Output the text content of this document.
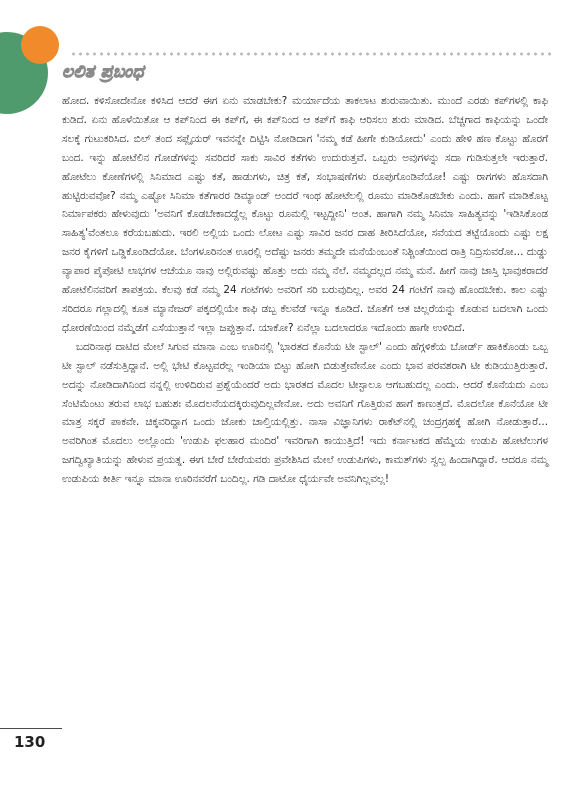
ಲಲಿತ ಪ್ರಬಂಧ

ಹೋದ. ಕಳಿಸೋದೇನೋ ಕಳಿಸಿದ ಆದರೆ ಈಗ ಏನು ಮಾಡಬೇಕು? ಮರ್ಯಾದೆಯ ತಾಕಲಾಟ ಶುರುವಾಯಿತು. ಮುಂದೆ ಎರಡು ಕಪ್‌ಗಳಲ್ಲಿ ಕಾಫಿ ಕುಡಿದೆ. ಏನು ಹೊಳೆಯಿತೋ ಆ ಕಪ್‌ನಿಂದ ಈ ಕಪ್‌ಗೆ, ಈ ಕಪ್‌ನಿಂದ ಆ ಕಪ್‌ಗೆ ಕಾಫಿ ಆರಿಸಲು ಶುರು ಮಾಡಿದ. ಬೆಚ್ಚಗಾದ ಕಾಫಿಯನ್ನು ಒಂದೇ ಸಲಕ್ಕೆ ಗುಟುಕರಿಸಿದ. ಬಿಲ್ ತಂದ ಸಪ್ಲೈಯರ್ ಇವನನ್ನೇ ದಿಟ್ಟಿಸಿ ನೋಡಿದಾಗ 'ನಮ್ಮ ಕಡೆ ಹೀಗೇ ಕುಡಿಯೋದು' ಎಂದು ಹೇಳಿ ಹಣ ಕೊಟ್ಟು ಹೊರಗೆ ಬಂದ. ಇನ್ನು ಹೋಟೆಲಿನ ಗೋಡೆಗಳನ್ನು ಸವರಿದರೆ ಸಾಕು ಸಾವಿರ ಕತೆಗಳು ಉದುರುತ್ತವೆ. ಒಬ್ಬರು ಅವುಗಳನ್ನು ಸದಾ ಗುಡಿಸುತ್ತಲೇ ಇರುತ್ತಾರೆ. ಹೋಟೆಲು ಕೋಣೆಗಳಲ್ಲಿ ಸಿನಿಮಾದ ಎಷ್ಟು ಕತೆ, ಹಾಡುಗಳು, ಚಿತ್ರ ಕತೆ, ಸಂಭಾಷಣೆಗಳು ರೂಪುಗೊಂಡಿವೆಯೋ! ಎಷ್ಟು ರಾಗಗಳು ಹೊಸದಾಗಿ ಹುಟ್ಟಿರುವವೋ? ನಮ್ಮ ಎಷ್ಟೋ ಸಿನಿಮಾ ಕತೆಗಾರರ ಡಿಮ್ಯಾಂಡ್ ಅಂದರೆ ಇಂಥ ಹೋಟೆಲಲ್ಲಿ ರೂಮು ಮಾಡಿಕೊಡಬೇಕು ಎಂದು. ಹಾಗೆ ಮಾಡಿಕೊಟ್ಟ ನಿರ್ಮಾಪಕರು ಹೇಳುವುದು 'ಅವನಿಗೆ ಕೊಡಬೇಕಾದದ್ದೆಲ್ಲ ಕೊಟ್ಟು ರೂಮಲ್ಲಿ ಇಟ್ಟದ್ದೀನಿ' ಅಂತ. ಹಾಗಾಗಿ ನಮ್ಮ ಸಿನಿಮಾ ಸಾಹಿತ್ಯವನ್ನು 'ಇಡಿಸಿಕೊಂಡ ಸಾಹಿತ್ಯ'ವೆಂತಲೂ ಕರೆಯಬಹುದು. ಇರಲಿ ಅಲ್ಲಿಯ ಒಂದು ಲೋಟ ಎಷ್ಟು ಸಾವಿರ ಜನರ ದಾಹ ತೀರಿಸಿದೆಯೋ, ಸವೆಯದ ತಟ್ಟೆಯೊಂದು ಎಷ್ಟು ಲಕ್ಷ ಜನರ ಕೈಗಳಿಗೆ ಒಡ್ಡಿಕೊಂಡಿದೆಯೋ. ಬೆಂಗಳೂರಿನಂತ ಊರಲ್ಲಿ ಅದೆಷ್ಟು ಜನರು ತಮ್ಮದೇ ಮನೆಯೆಂಬಂತೆ ನಿಶ್ಚಿಂತೆಯಿಂದ ರಾತ್ರಿ ನಿದ್ರಿಸುವರೋ... ದುಡ್ಡು ವ್ಯಾಪಾರ ಪೈಪೋಟಿ ಲಾಭಗಳ ಆಚೆಯೂ ನಾವು ಅಲ್ಲಿರುವಷ್ಟು ಹೊತ್ತು ಅದು ನಮ್ಮ ನೆಲೆ. ನಮ್ಮದಲ್ಲದ ನಮ್ಮ ಮನೆ. ಹೀಗೆ ನಾವು ಜಾಸ್ತಿ ಭಾವುಕರಾದರೆ ಹೋಟೆಲಿನವರಿಗೆ ತಾಪತ್ರಯ. ಕೆಲವು ಕಡೆ ನಮ್ಮ 24 ಗಂಟೆಗಳು ಅವರಿಗೆ ಸರಿ ಬರುವುದಿಲ್ಲ. ಅವರ 24 ಗಂಟೆಗೆ ನಾವು ಹೊಂದಬೇಕು. ಕಾಲ ಎಷ್ಟು ಸರಿದರೂ ಗಲ್ಲಾದಲ್ಲಿ ಕೂತ ಮ್ಯಾನೇಜರ್ ಪಕ್ಕದಲ್ಲಿಯೇ ಕಾಫಿ ಡಬ್ಬ ಕೆಲವೆಡೆ ಇನ್ನೂ ಕೂಡಿದೆ. ಜೊತೆಗೆ ಆತ ಚಿಲ್ಲರೆಯನ್ನು ಕೊಡುವ ಬದಲಾಗಿ ಒಂದು ಧೋರಣೆಯಿಂದ ನಮ್ಮೆಡೆಗೆ ಎಸೆಯುತ್ತಾನೆ ಇಲ್ಲಾ ಜಪ್ಪುತ್ತಾನೆ. ಯಾಕೋ? ಏನೆಲ್ಲಾ ಬದಲಾದರೂ ಇದೊಂದು ಹಾಗೇ ಉಳಿದಿದೆ.

ಬದರಿನಾಥ ದಾಟಿದ ಮೇಲೆ ಸಿಗುವ ಮಾನಾ ಎಂಬ ಊರಿನಲ್ಲಿ 'ಭಾರತದ ಕೊನೆಯ ಟೀ ಸ್ಟಾಲ್' ಎಂದು ಹೆಗ್ಗಳಿಕೆಯ ಬೋರ್ಡ್ ಹಾಕಿಕೊಂಡು ಒಬ್ಬ ಟೀ ಸ್ಟಾಲ್ ನಡೆಸುತ್ತಿದ್ದಾನೆ. ಅಲ್ಲಿ ಭೇಟಿ ಕೊಟ್ಟವರೆಲ್ಲ ಇಂಡಿಯಾ ಬಿಟ್ಟು ಹೋಗಿ ಬಿಡುತ್ತೇವೇನೋ ಎಂದು ಭಾವ ಪರವಶರಾಗಿ ಟೀ ಕುಡಿಯುತ್ತಿರುತ್ತಾರೆ. ಅದನ್ನು ನೋಡಿದಾಗಿನಿಂದ ನನ್ನಲ್ಲಿ ಉಳಿದಿರುವ ಪ್ರಶ್ನೆಯೆಂದರೆ ಅದು ಭಾರತದ ಮೊದಲ ಟೀಸ್ಟಾಲೂ ಆಗಬಹುದಲ್ಲ ಎಂದು. ಆದರೆ ಕೊನೆಯದು ಎಂಬ ಸೆಂಟಿಮೆಂಟು ತರುವ ಲಾಭ ಬಹುಶಃ ಮೊದಲನೆಯದಕ್ಕಿರುವುದಿಲ್ಲವೇನೋ. ಅದು ಅವನಿಗೆ ಗೊತ್ತಿರುವ ಹಾಗೆ ಕಾಣುತ್ತದೆ. ಮೊದಲೋ ಕೊನೆಯೋ ಟೀ ಮಾತ್ರ ಸಕ್ಕರೆ ಪಾಕವೇ. ಚಿಕ್ಕವರಿದ್ದಾಗ ಒಂದು ಜೋಕು ಚಾಲ್ತಿಯಲ್ಲಿತ್ತು. ನಾಸಾ ವಿಜ್ಞಾನಿಗಳು ರಾಕೆಟ್‌ನಲ್ಲಿ ಚಂದ್ರಗ್ರಹಕ್ಕೆ ಹೋಗಿ ನೋಡುತ್ತಾರೆ... ಅವರಿಗಿಂತ ಮೊದಲು ಅಲ್ಲೊಂದು 'ಉಡುಪಿ ಫಲಹಾರ ಮಂದಿರ' ಇವರಿಗಾಗಿ ಕಾಯುತ್ತಿದೆ! ಇದು ಕರ್ನಾಟಕದ ಹೆಮ್ಮೆಯ ಉಡುಪಿ ಹೋಟೆಲುಗಳ ಜಗದ್ವಿಖ್ಯಾತಿಯನ್ನು ಹೇಳುವ ಪ್ರಯತ್ನ. ಈಗ ಬೇರೆ ಬೇರೆಯವರು ಪ್ರವೇಶಿಸಿದ ಮೇಲೆ ಉಡುಪಿಗಳು, ಕಾಮತ್‌ಗಳು ಸ್ವಲ್ಪ ಹಿಂದಾಗಿದ್ದಾರೆ. ಆದರೂ ನಮ್ಮ ಉಡುಪಿಯ ಕೀರ್ತಿ ಇನ್ನೂ ಮಾನಾ ಊರಿನವರೆಗೆ ಬಂದಿಲ್ಲ. ಗಡಿ ದಾಟೋ ಧೈರ್ಯವೇ ಅವನಿಗಿಲ್ಲವಲ್ಲ!

130
